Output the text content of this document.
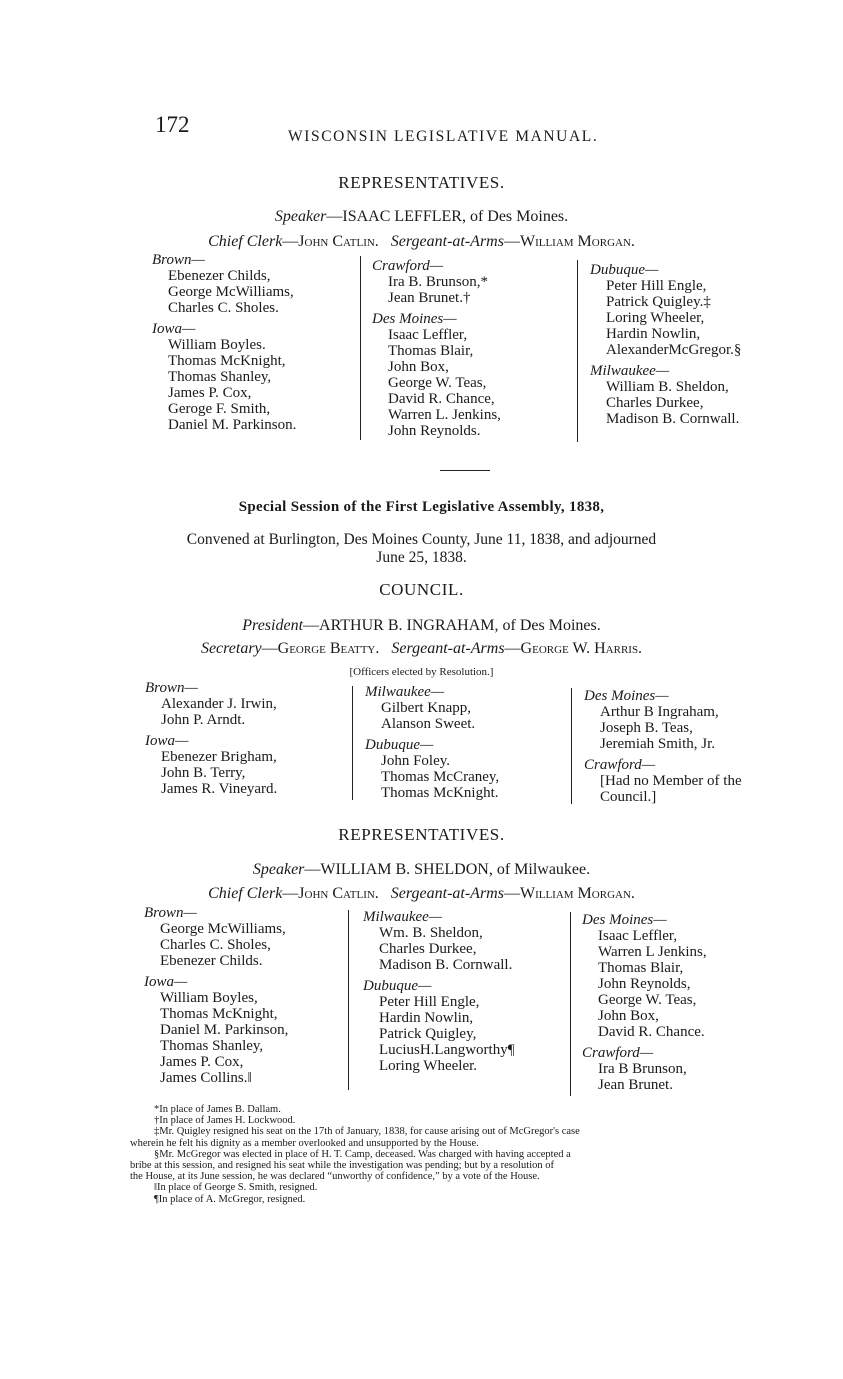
172	WISCONSIN LEGISLATIVE MANUAL.
REPRESENTATIVES.
Speaker—ISAAC LEFFLER, of Des Moines.
Chief Clerk—John Catlin. Sergeant-at-Arms—William Morgan.
Brown—
Ebenezer Childs,
George McWilliams,
Charles C. Sholes.
Iowa—
William Boyles.
Thomas McKnight,
Thomas Shanley,
James P. Cox,
Geroge F. Smith,
Daniel M. Parkinson.
Crawford—
Ira B. Brunson,*
Jean Brunet.†
Des Moines—
Isaac Leffler,
Thomas Blair,
John Box,
George W. Teas,
David R. Chance,
Warren L. Jenkins,
John Reynolds.
Dubuque—
Peter Hill Engle,
Patrick Quigley.‡
Loring Wheeler,
Hardin Nowlin,
AlexanderMcGregor.§
Milwaukee—
William B. Sheldon,
Charles Durkee,
Madison B. Cornwall.
Special Session of the First Legislative Assembly, 1838,
Convened at Burlington, Des Moines County, June 11, 1838, and adjourned
June 25, 1838.
COUNCIL.
President—ARTHUR B. INGRAHAM, of Des Moines.
Secretary—George Beatty. Sergeant-at-Arms—George W. Harris.
[Officers elected by Resolution.]
Brown—
Alexander J. Irwin,
John P. Arndt.
Iowa—
Ebenezer Brigham,
John B. Terry,
James R. Vineyard.
Milwaukee—
Gilbert Knapp,
Alanson Sweet.
Dubuque—
John Foley.
Thomas McCraney,
Thomas McKnight.
Des Moines—
Arthur B Ingraham,
Joseph B. Teas,
Jeremiah Smith, Jr.
Crawford—
[Had no Member of the Council.]
REPRESENTATIVES.
Speaker—WILLIAM B. SHELDON, of Milwaukee.
Chief Clerk—John Catlin. Sergeant-at-Arms—William Morgan.
Brown—
George McWilliams,
Charles C. Sholes,
Ebenezer Childs.
Iowa—
William Boyles,
Thomas McKnight,
Daniel M. Parkinson,
Thomas Shanley,
James P. Cox,
James Collins.‖
Milwaukee—
Wm. B. Sheldon,
Charles Durkee,
Madison B. Cornwall.
Dubuque—
Peter Hill Engle,
Hardin Nowlin,
Patrick Quigley,
LuciusH.Langworthy¶
Loring Wheeler.
Des Moines—
Isaac Leffler,
Warren L Jenkins,
Thomas Blair,
John Reynolds,
George W. Teas,
John Box,
David R. Chance.
Crawford—
Ira B Brunson,
Jean Brunet.
*In place of James B. Dallam.
†In place of James H. Lockwood.
‡Mr. Quigley resigned his seat on the 17th of January, 1838, for cause arising out of McGregor's case
wherein he felt his dignity as a member overlooked and unsupported by the House.
§Mr. McGregor was elected in place of H. T. Camp, deceased. Was charged with having accepted a
bribe at this session, and resigned his seat while the investigation was pending; but by a resolution of
the House, at its June session, he was declared “unworthy of confidence,” by a vote of the House.
‖In place of George S. Smith, resigned.
¶In place of A. McGregor, resigned.
